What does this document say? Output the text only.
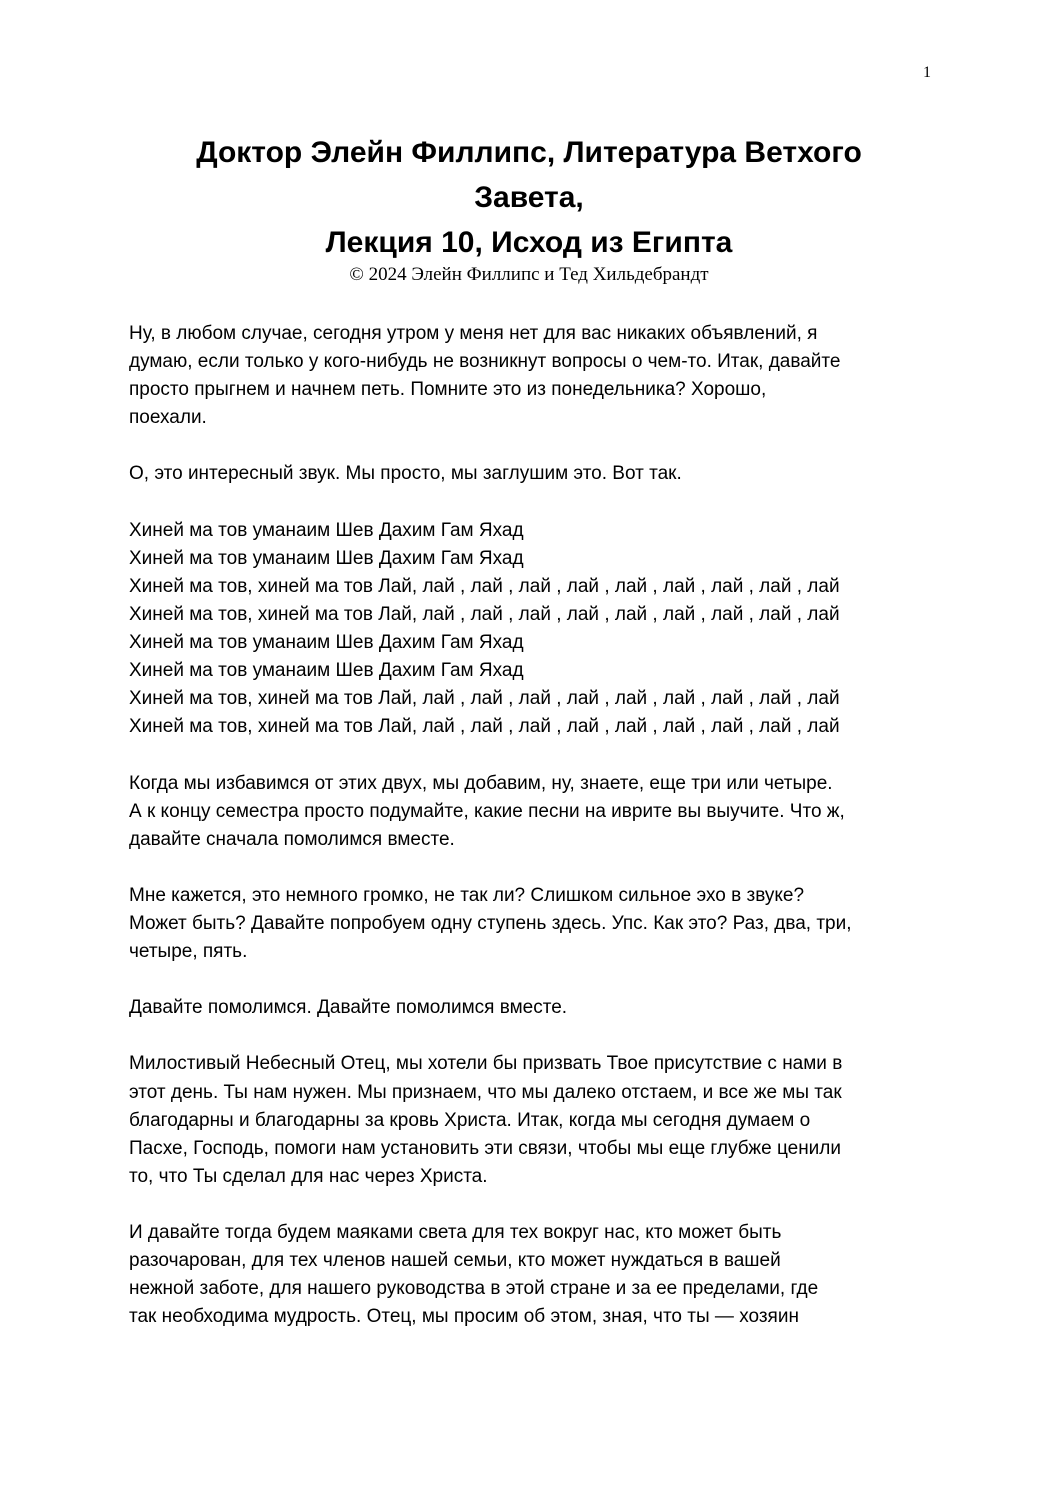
1
Доктор Элейн Филлипс, Литература Ветхого
Завета,
Лекция 10, Исход из Египта
© 2024 Элейн Филлипс и Тед Хильдебрандт

Ну, в любом случае, сегодня утром у меня нет для вас никаких объявлений, я
думаю, если только у кого-нибудь не возникнут вопросы о чем-то. Итак, давайте
просто прыгнем и начнем петь. Помните это из понедельника? Хорошо,
поехали.

О, это интересный звук. Мы просто, мы заглушим это. Вот так.

Хиней ма тов уманаим Шев Дахим Гам Яхад
Хиней ма тов уманаим Шев Дахим Гам Яхад
Хиней ма тов, хиней ма тов Лай, лай , лай , лай , лай , лай , лай , лай , лай , лай
Хиней ма тов, хиней ма тов Лай, лай , лай , лай , лай , лай , лай , лай , лай , лай
Хиней ма тов уманаим Шев Дахим Гам Яхад
Хиней ма тов уманаим Шев Дахим Гам Яхад
Хиней ма тов, хиней ма тов Лай, лай , лай , лай , лай , лай , лай , лай , лай , лай
Хиней ма тов, хиней ма тов Лай, лай , лай , лай , лай , лай , лай , лай , лай , лай

Когда мы избавимся от этих двух, мы добавим, ну, знаете, еще три или четыре.
А к концу семестра просто подумайте, какие песни на иврите вы выучите. Что ж,
давайте сначала помолимся вместе.

Мне кажется, это немного громко, не так ли? Слишком сильное эхо в звуке?
Может быть? Давайте попробуем одну ступень здесь. Упс. Как это? Раз, два, три,
четыре, пять.

Давайте помолимся. Давайте помолимся вместе.

Милостивый Небесный Отец, мы хотели бы призвать Твое присутствие с нами в
этот день. Ты нам нужен. Мы признаем, что мы далеко отстаем, и все же мы так
благодарны и благодарны за кровь Христа. Итак, когда мы сегодня думаем о
Пасхе, Господь, помоги нам установить эти связи, чтобы мы еще глубже ценили
то, что Ты сделал для нас через Христа.

И давайте тогда будем маяками света для тех вокруг нас, кто может быть
разочарован, для тех членов нашей семьи, кто может нуждаться в вашей
нежной заботе, для нашего руководства в этой стране и за ее пределами, где
так необходима мудрость. Отец, мы просим об этом, зная, что ты — хозяин
